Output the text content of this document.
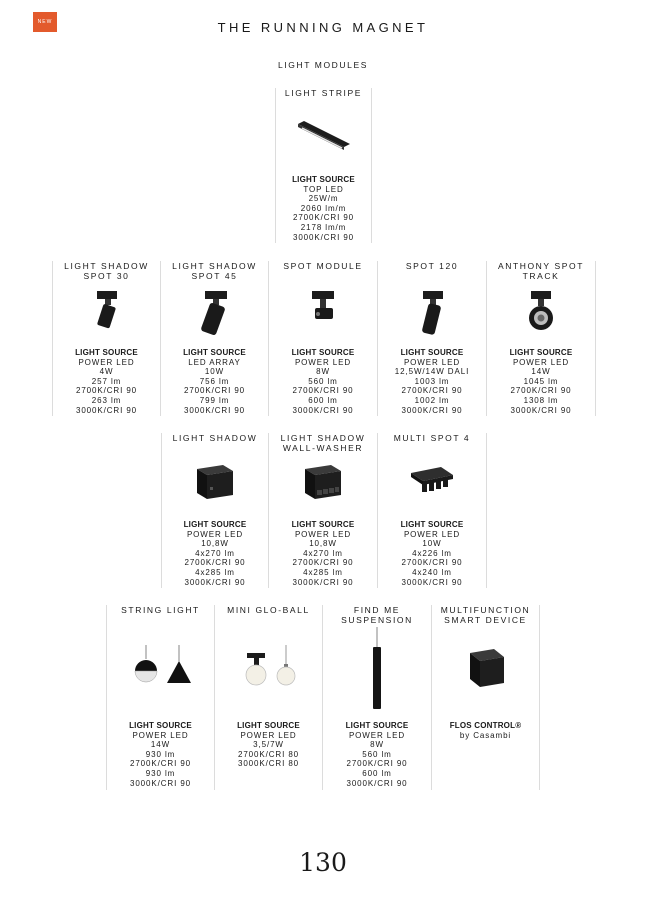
NEW	THE RUNNING MAGNET
LIGHT MODULES
LIGHT STRIPE
LIGHT SOURCE
TOP LED
25W/m
2060 lm/m
2700K/CRI 90
2178 lm/m
3000K/CRI 90
LIGHT SHADOW
SPOT 30
LIGHT SOURCE
POWER LED
4W
257 lm
2700K/CRI 90
263 lm
3000K/CRI 90
LIGHT SHADOW
SPOT 45
LIGHT SOURCE
LED ARRAY
10W
756 lm
2700K/CRI 90
799 lm
3000K/CRI 90
SPOT MODULE
LIGHT SOURCE
POWER LED
8W
560 lm
2700K/CRI 90
600 lm
3000K/CRI 90
SPOT 120
LIGHT SOURCE
POWER LED
12,5W/14W DALI
1003 lm
2700K/CRI 90
1002 lm
3000K/CRI 90
ANTHONY SPOT
TRACK
LIGHT SOURCE
POWER LED
14W
1045 lm
2700K/CRI 90
1308 lm
3000K/CRI 90
LIGHT SHADOW
LIGHT SOURCE
POWER LED
10,8W
4x270 lm
2700K/CRI 90
4x285 lm
3000K/CRI 90
LIGHT SHADOW
WALL-WASHER
LIGHT SOURCE
POWER LED
10,8W
4x270 lm
2700K/CRI 90
4x285 lm
3000K/CRI 90
MULTI SPOT 4
LIGHT SOURCE
POWER LED
10W
4x226 lm
2700K/CRI 90
4x240 lm
3000K/CRI 90
STRING LIGHT
LIGHT SOURCE
POWER LED
14W
930 lm
2700K/CRI 90
930 lm
3000K/CRI 90
MINI GLO-BALL
LIGHT SOURCE
POWER LED
3,5/7W
2700K/CRI 80
3000K/CRI 80
FIND ME
SUSPENSION
LIGHT SOURCE
POWER LED
8W
560 lm
2700K/CRI 90
600 lm
3000K/CRI 90
MULTIFUNCTION
SMART DEVICE
FLOS CONTROL®
by Casambi
130
